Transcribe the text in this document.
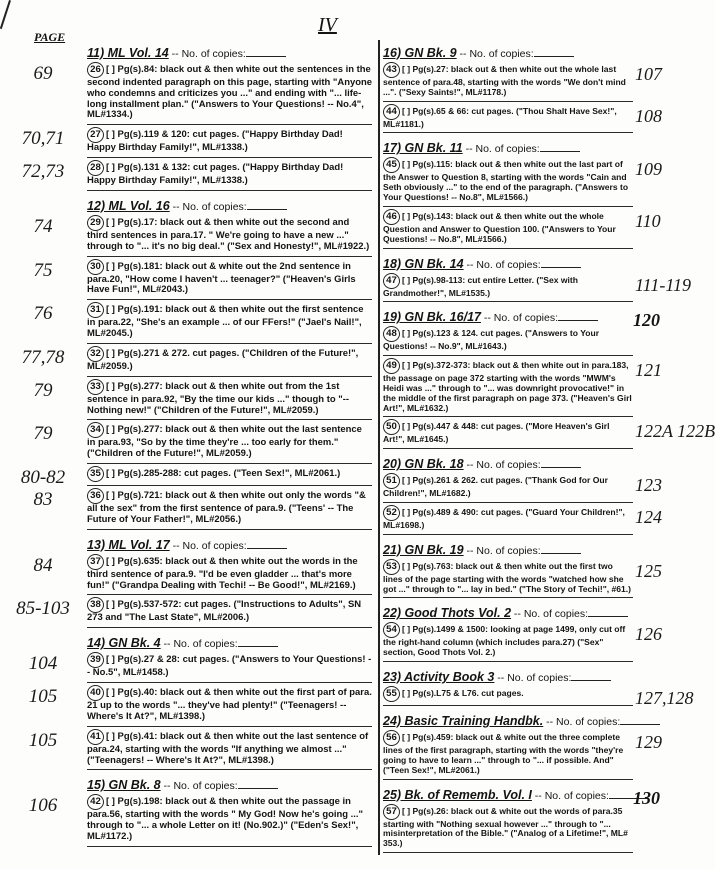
IV
PAGE
11) ML Vol. 14 -- No. of copies:
26 [ ] Pg(s).84: black out & then white out the sentences in the second indented paragraph on this page, starting with "Anyone who condemns and criticizes you ..." and ending with "... life-long installment plan." ("Answers to Your Questions! -- No.4", ML#1334.)
69
27 [ ] Pg(s).119 & 120: cut pages. ("Happy Birthday Dad! Happy Birthday Family!", ML#1338.)
70,71
28 [ ] Pg(s).131 & 132: cut pages. ("Happy Birthday Dad! Happy Birthday Family!", ML#1338.)
72,73
12) ML Vol. 16 -- No. of copies:
29 [ ] Pg(s).17: black out & then white out the second and third sentences in para.17. " We're going to have a new ..." through to "... it's no big deal." ("Sex and Honesty!", ML#1922.)
74
30 [ ] Pg(s).181: black out & white out the 2nd sentence in para.20, "How come I haven't ... teenager?" ("Heaven's Girls Have Fun!", ML#2043.)
75
31 [ ] Pg(s).191: black out & then white out the first sentence in para.22, "She's an example ... of our FFers!" ("Jael's Nail!", ML#2045.)
76
32 [ ] Pg(s).271 & 272. cut pages. ("Children of the Future!", ML#2059.)
77,78
33 [ ] Pg(s).277: black out & then white out from the 1st sentence in para.92, "By the time our kids ..." though to "-- Nothing new!" ("Children of the Future!", ML#2059.)
79
34 [ ] Pg(s).277: black out & then white out the last sentence in para.93, "So by the time they're ... too early for them." ("Children of the Future!", ML#2059.)
79
35 [ ] Pg(s).285-288: cut pages. ("Teen Sex!", ML#2061.)
80-82
36 [ ] Pg(s).721: black out & then white out only the words "& all the sex" from the first sentence of para.9. ("Teens' -- The Future of Your Father!", ML#2056.)
83
13) ML Vol. 17 -- No. of copies:
37 [ ] Pg(s).635: black out & then white out the words in the third sentence of para.9. "I'd be even gladder ... that's more fun!" ("Grandpa Dealing with Techi! -- Be Good!", ML#2169.)
84
38 [ ] Pg(s).537-572: cut pages. ("Instructions to Adults", SN 273 and "The Last State", ML#2006.)
85-103
14) GN Bk. 4 -- No. of copies:
39 [ ] Pg(s).27 & 28: cut pages. ("Answers to Your Questions! -- No.5", ML#1458.)
104
40 [ ] Pg(s).40: black out & then white out the first part of para. 21 up to the words "... they've had plenty!" ("Teenagers! -- Where's It At?", ML#1398.)
105
41 [ ] Pg(s).41: black out & then white out the last sentence of para.24, starting with the words "If anything we almost ..." ("Teenagers! -- Where's It At?", ML#1398.)
105
15) GN Bk. 8 -- No. of copies:
42 [ ] Pg(s).198: black out & then white out the passage in para.56, starting with the words " My God! Now he's going ..." through to "... a whole Letter on it! (No.902.)" ("Eden's Sex!", ML#1172.)
106
16) GN Bk. 9 -- No. of copies:
43 [ ] Pg(s).27: black out & then white out the whole last sentence of para.48, starting with the words "We don't mind ...". ("Sexy Saints!", ML#1178.)
107
44 [ ] Pg(s).65 & 66: cut pages. ("Thou Shalt Have Sex!", ML#1181.)	108
17) GN Bk. 11 -- No. of copies:
45 [ ] Pg(s).115: black out & then white out the last part of the Answer to Question 8, starting with the words "Cain and Seth obviously ..." to the end of the paragraph. ("Answers to Your Questions! -- No.8", ML#1566.)
109
46 [ ] Pg(s).143: black out & then white out the whole Question and Answer to Question 100. ("Answers to Your Questions! -- No.8", ML#1566.)
110
18) GN Bk. 14 -- No. of copies:
47 [ ] Pg(s).98-113: cut entire Letter. ("Sex with Grandmother!", ML#1535.)	111-119
19) GN Bk. 16/17 -- No. of copies:	120
48 [ ] Pg(s).123 & 124. cut pages. ("Answers to Your Questions! -- No.9", ML#1643.)
49 [ ] Pg(s).372-373: black out & then white out in para.183, the passage on page 372 starting with the words "MWM's Heidi was ..." through to "... was downright provocative!" in the middle of the first paragraph on page 373. ("Heaven's Girl Art!", ML#1632.)
121
50 [ ] Pg(s).447 & 448: cut pages. ("More Heaven's Girl Art!", ML#1645.)	122A 122B
20) GN Bk. 18 -- No. of copies:
51 [ ] Pg(s).261 & 262. cut pages. ("Thank God for Our Children!", ML#1682.)	123
52 [ ] Pg(s).489 & 490: cut pages. ("Guard Your Children!", ML#1698.)	124
21) GN Bk. 19 -- No. of copies:
53 [ ] Pg(s).763: black out & then white out the first two lines of the page starting with the words "watched how she got ..." through to "... lay in bed." ("The Story of Techi!", #61.)
125
22) Good Thots Vol. 2 -- No. of copies:
54 [ ] Pg(s).1499 & 1500: looking at page 1499, only cut off the right-hand column (which includes para.27) ("Sex" section, Good Thots Vol. 2.)
126
23) Activity Book 3 -- No. of copies:
55 [ ] Pg(s).L75 & L76. cut pages.	127,128
24) Basic Training Handbk. -- No. of copies:
56 [ ] Pg(s).459: black out & white out the three complete lines of the first paragraph, starting with the words "they're going to have to learn ..." through to "... if possible. And" ("Teen Sex!", ML#2061.)
129
25) Bk. of Rememb. Vol. I -- No. of copies: 130
57 [ ] Pg(s).26: black out & white out the words of para.35 starting with "Nothing sexual however ..." through to "... misinterpretation of the Bible." ("Analog of a Lifetime!", ML# 353.)
